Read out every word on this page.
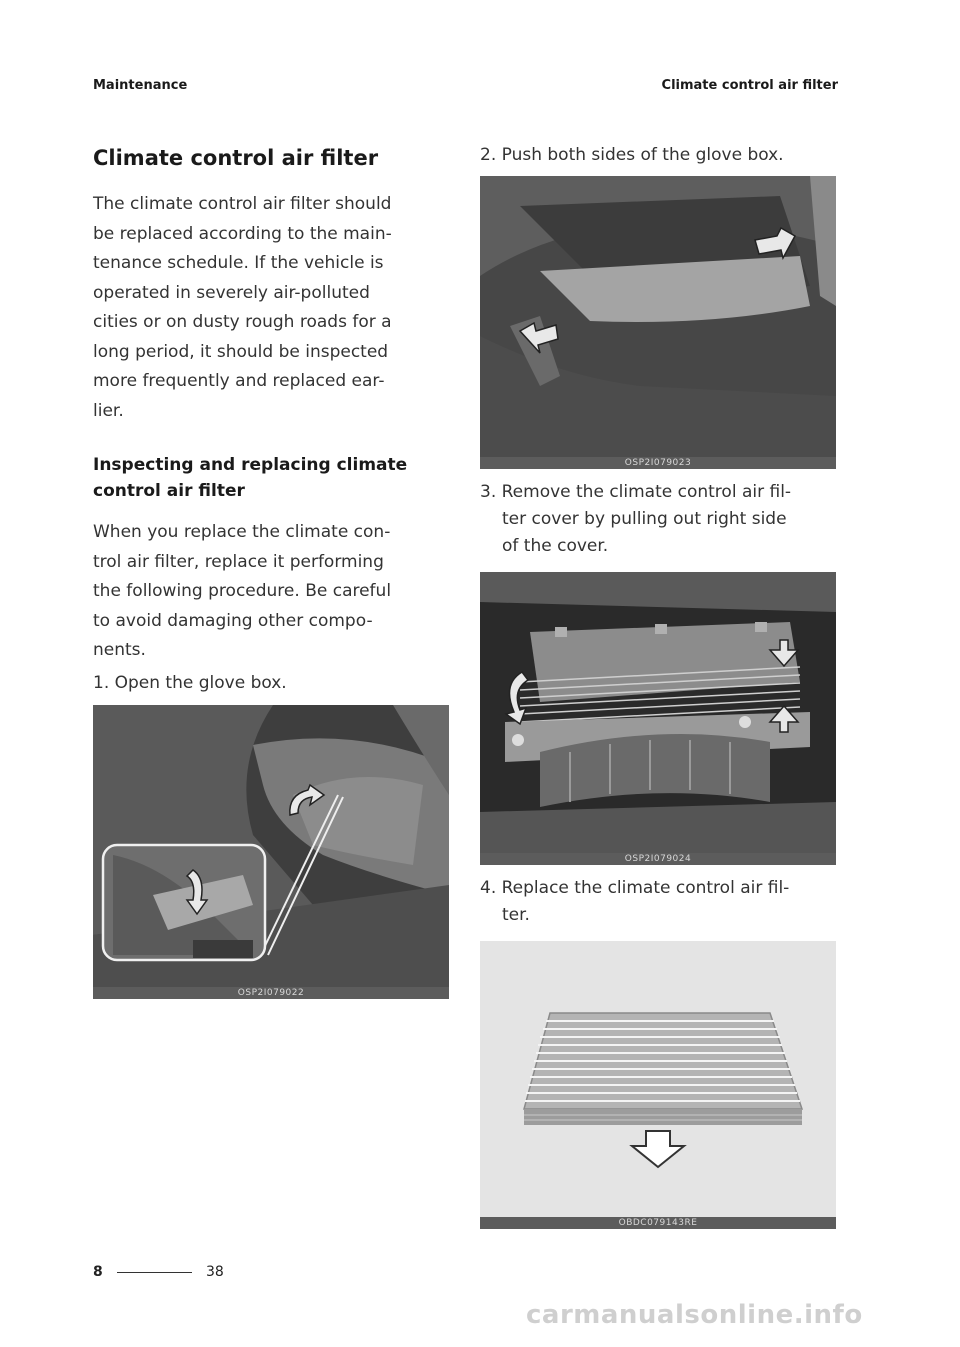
Maintenance	Climate control air filter
Climate control air filter

The climate control air filter should

be replaced according to the main-

tenance schedule. If the vehicle is

operated in severely air-polluted

cities or on dusty rough roads for a

long period, it should be inspected

more frequently and replaced ear-

lier.

Inspecting and replacing climate
control air filter

When you replace the climate con-

trol air filter, replace it performing

the following procedure. Be careful

to avoid damaging other compo-

nents.

1. Open the glove box.

OSP2I079022

2. Push both sides of the glove box.

OSP2I079023

3. Remove the climate control air fil-

ter cover by pulling out right side

of the cover.

OSP2I079024

4. Replace the climate control air fil-

ter.

OBDC079143RE
8	38
carmanualsonline.info
